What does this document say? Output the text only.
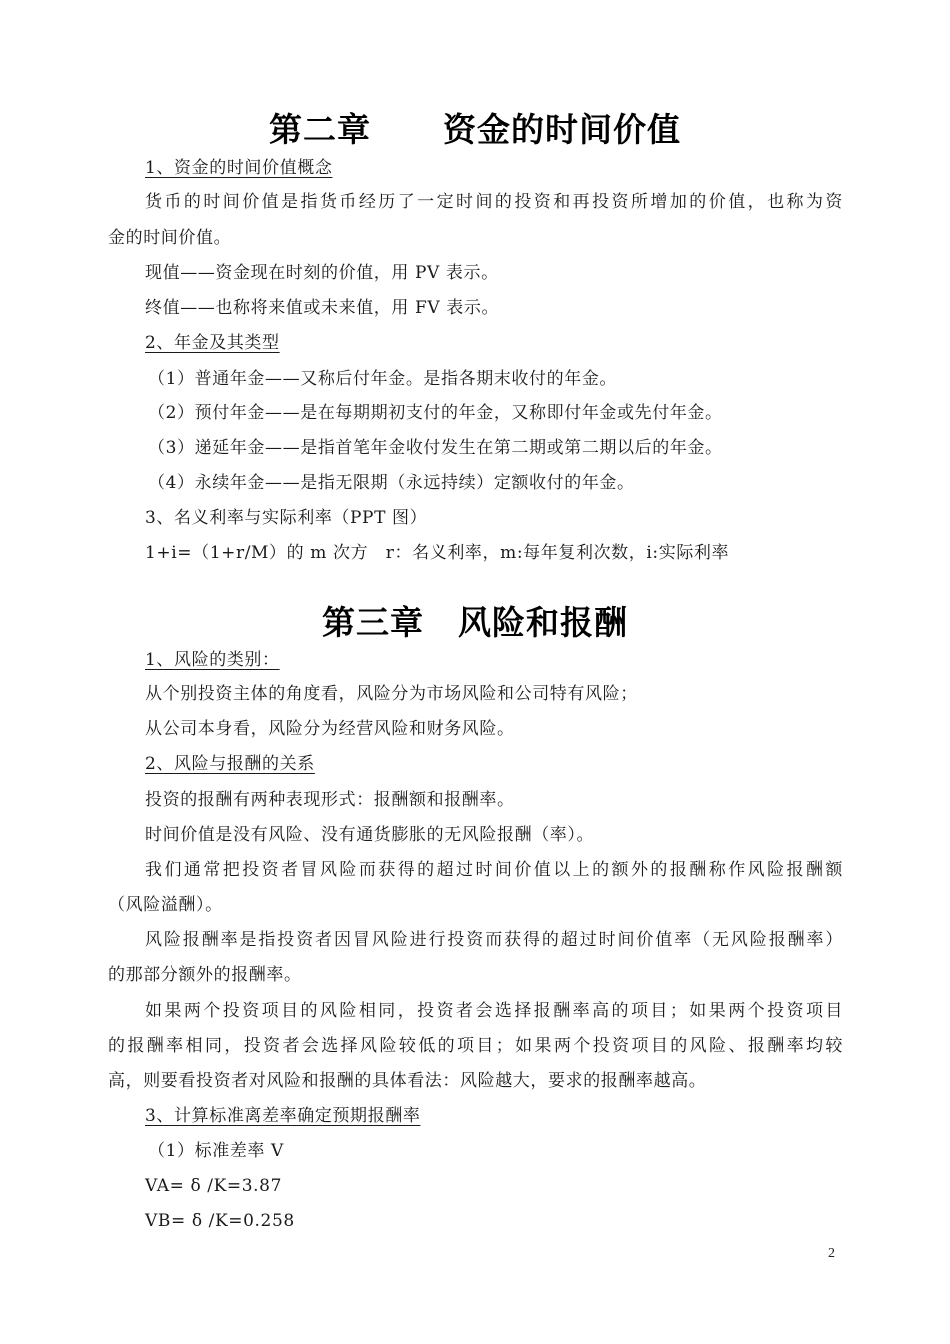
第二章 资金的时间价值
1、资金的时间价值概念
货币的时间价值是指货币经历了一定时间的投资和再投资所增加的价值，也称为资
金的时间价值。
现值——资金现在时刻的价值，用 PV 表示。
终值——也称将来值或未来值，用 FV 表示。
2、年金及其类型
（1）普通年金——又称后付年金。是指各期末收付的年金。
（2）预付年金——是在每期期初支付的年金，又称即付年金或先付年金。
（3）递延年金——是指首笔年金收付发生在第二期或第二期以后的年金。
（4）永续年金——是指无限期（永远持续）定额收付的年金。
3、名义利率与实际利率（PPT 图）
1+i=（1+r/M）的 m 次方　r：名义利率，m:每年复利次数，i:实际利率
第三章 风险和报酬
1、风险的类别：
从个别投资主体的角度看，风险分为市场风险和公司特有风险；
从公司本身看，风险分为经营风险和财务风险。
2、风险与报酬的关系
投资的报酬有两种表现形式：报酬额和报酬率。
时间价值是没有风险、没有通货膨胀的无风险报酬（率）。
我们通常把投资者冒风险而获得的超过时间价值以上的额外的报酬称作风险报酬额
（风险溢酬）。
风险报酬率是指投资者因冒风险进行投资而获得的超过时间价值率（无风险报酬率）
的那部分额外的报酬率。
如果两个投资项目的风险相同，投资者会选择报酬率高的项目；如果两个投资项目
的报酬率相同，投资者会选择风险较低的项目；如果两个投资项目的风险、报酬率均较
高，则要看投资者对风险和报酬的具体看法：风险越大，要求的报酬率越高。
3、计算标准离差率确定预期报酬率
（1）标准差率 V
VA= δ /K=3.87
VB= δ /K=0.258
2
